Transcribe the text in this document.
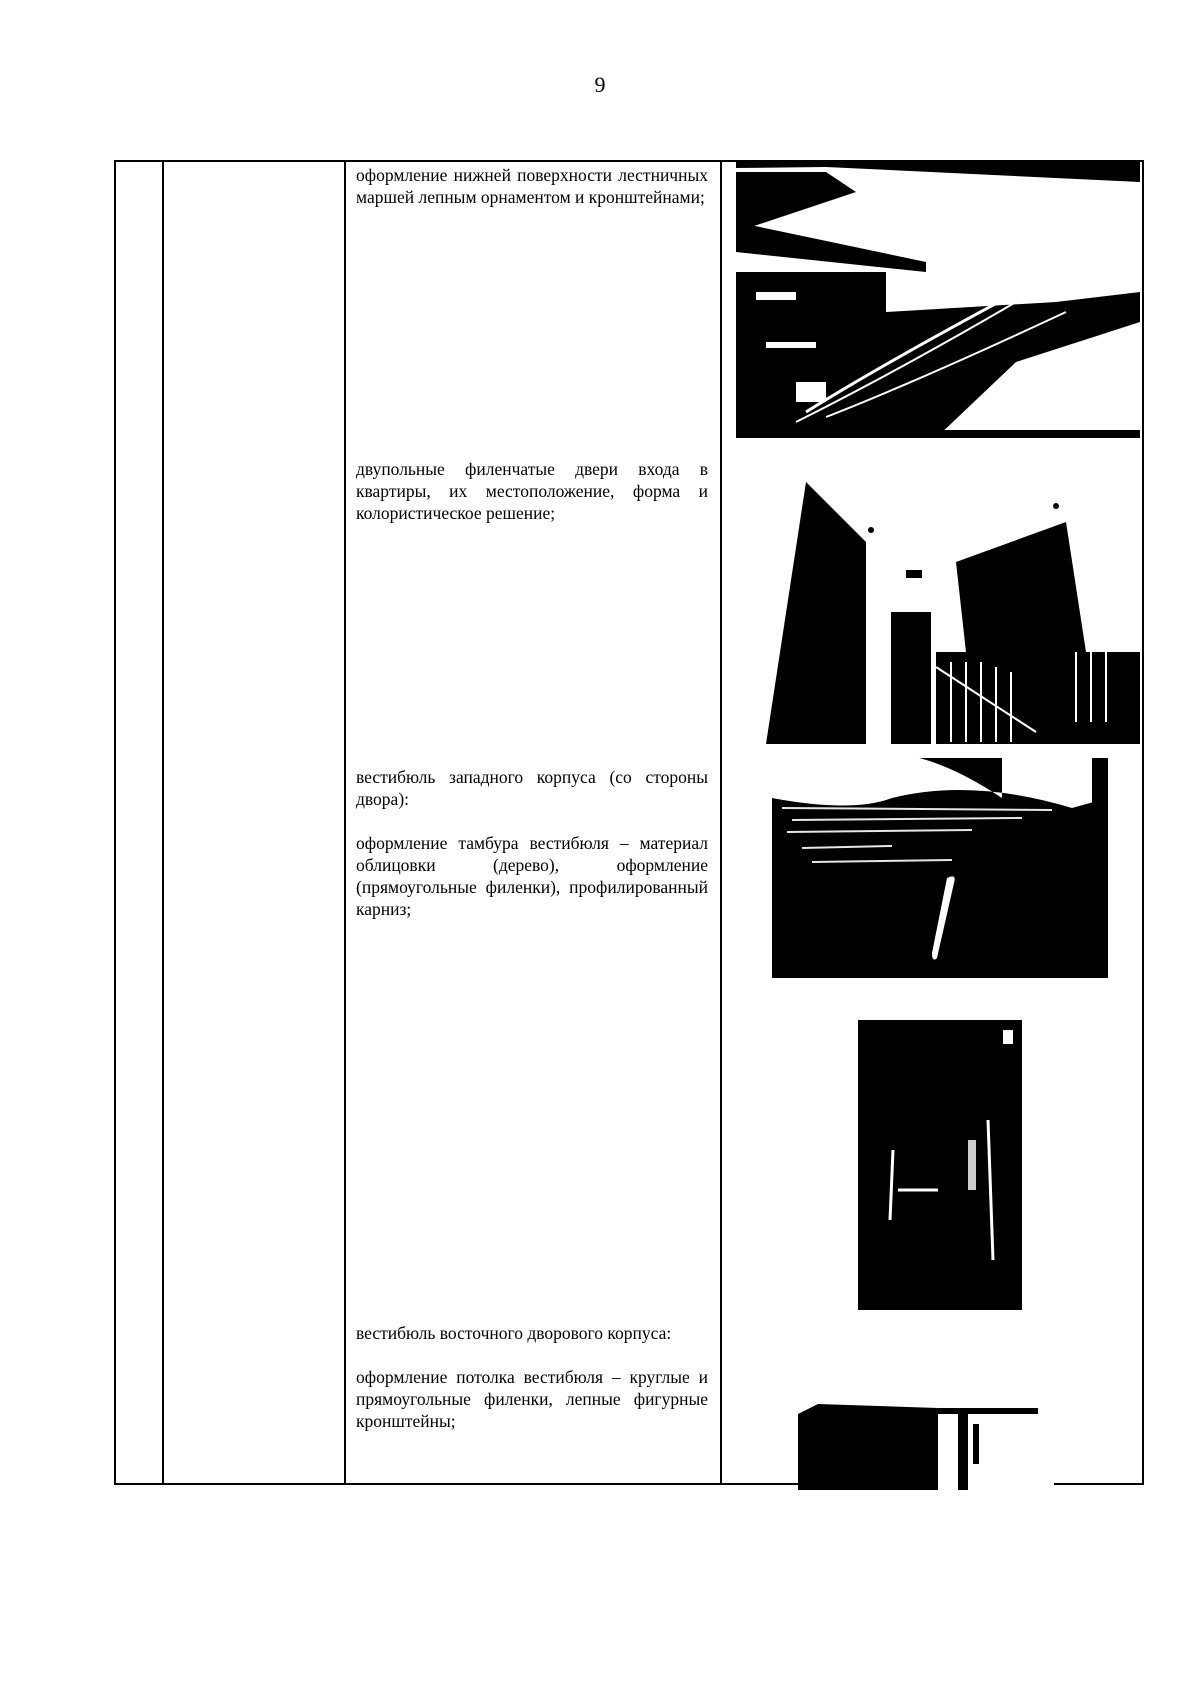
9

оформление нижней поверхности лестничных маршей лепным орнаментом и кронштейнами;

двупольные филенчатые двери входа в квартиры, их местоположение, форма и колористическое решение;

вестибюль западного корпуса (со стороны двора):

оформление тамбура вестибюля – материал облицовки (дерево), оформление (прямоугольные филенки), профилированный карниз;

вестибюль восточного дворового корпуса:

оформление потолка вестибюля – круглые и прямоугольные филенки, лепные фигурные кронштейны;
